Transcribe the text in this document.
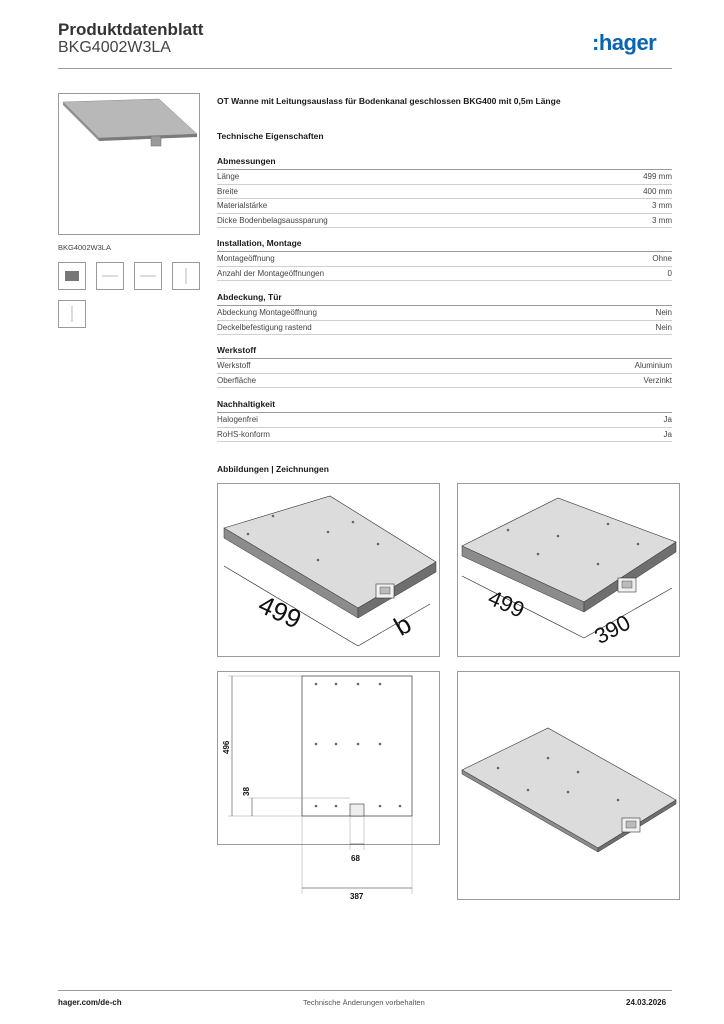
Produktdatenblatt
BKG4002W3LA	:hager
BKG4002W3LA
OT Wanne mit Leitungsauslass für Bodenkanal geschlossen BKG400 mit 0,5m Länge
Technische Eigenschaften
Abmessungen
Länge	499 mm
Breite	400 mm
Materialstärke	3 mm
Dicke Bodenbelagsaussparung	3 mm
Installation, Montage
Montageöffnung	Ohne
Anzahl der Montageöffnungen	0
Abdeckung, Tür
Abdeckung Montageöffnung	Nein
Deckelbefestigung rastend	Nein
Werkstoff
Werkstoff	Aluminium
Oberfläche	Verzinkt
Nachhaltigkeit
Halogenfrei	Ja
RoHS-konform	Ja
Abbildungen | Zeichnungen
499	b
499
390
496
38
68
387
hager.com/de-ch	Technische Änderungen vorbehalten	24.03.2026
